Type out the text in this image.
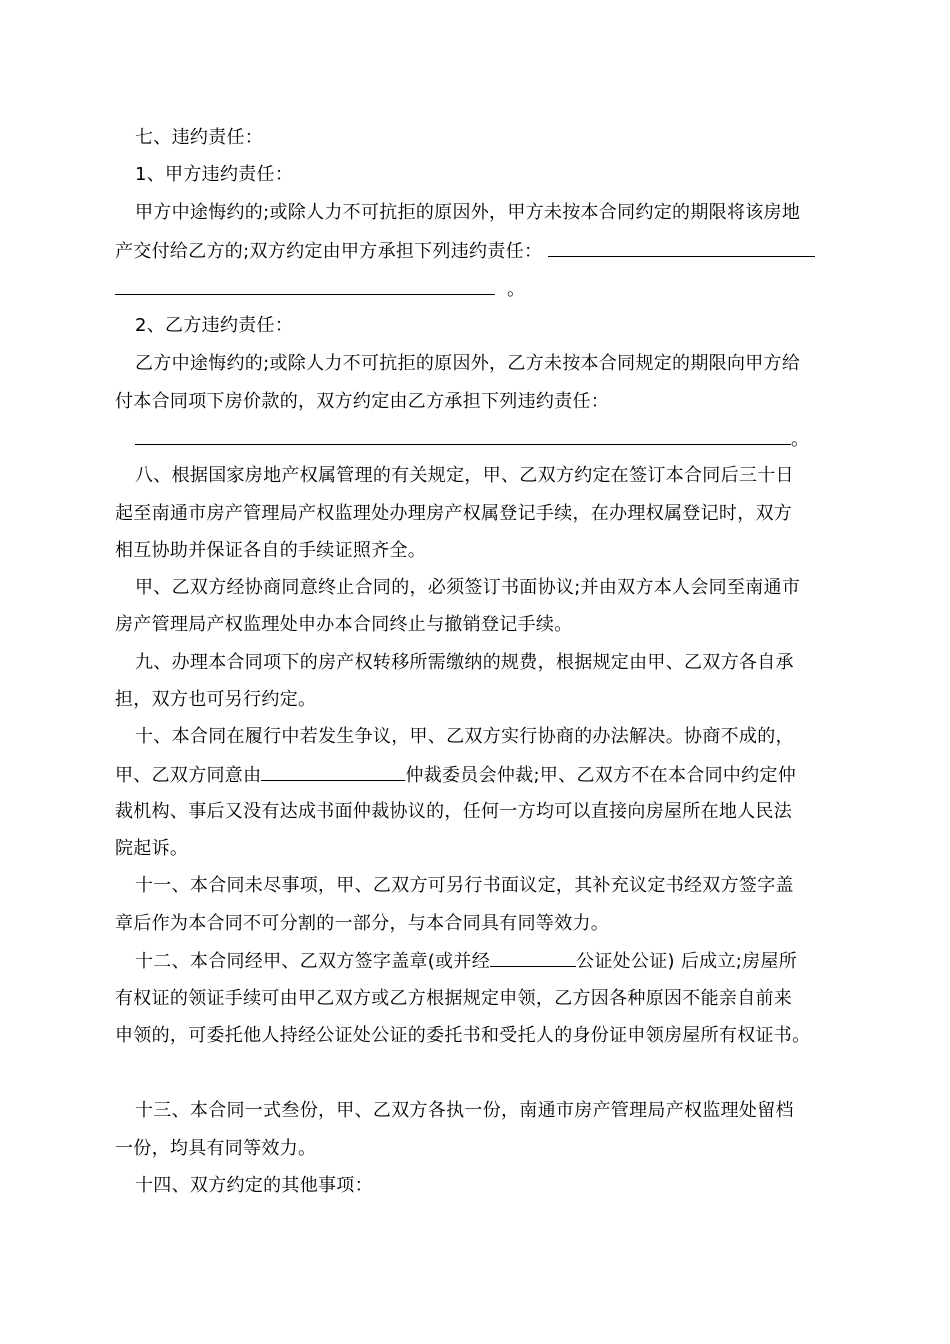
七、违约责任：
1、甲方违约责任：
甲方中途悔约的;或除人力不可抗拒的原因外，甲方未按本合同约定的期限将该房地
产交付给乙方的;双方约定由甲方承担下列违约责任：
。
2、乙方违约责任：
乙方中途悔约的;或除人力不可抗拒的原因外，乙方未按本合同规定的期限向甲方给
付本合同项下房价款的，双方约定由乙方承担下列违约责任：
。
八、根据国家房地产权属管理的有关规定，甲、乙双方约定在签订本合同后三十日
起至南通市房产管理局产权监理处办理房产权属登记手续，在办理权属登记时，双方
相互协助并保证各自的手续证照齐全。
甲、乙双方经协商同意终止合同的，必须签订书面协议;并由双方本人会同至南通市
房产管理局产权监理处申办本合同终止与撤销登记手续。
九、办理本合同项下的房产权转移所需缴纳的规费，根据规定由甲、乙双方各自承
担，双方也可另行约定。
十、本合同在履行中若发生争议，甲、乙双方实行协商的办法解决。协商不成的，
甲、乙双方同意由	仲裁委员会仲裁;甲、乙双方不在本合同中约定仲
裁机构、事后又没有达成书面仲裁协议的，任何一方均可以直接向房屋所在地人民法
院起诉。
十一、本合同未尽事项，甲、乙双方可另行书面议定，其补充议定书经双方签字盖
章后作为本合同不可分割的一部分，与本合同具有同等效力。
十二、本合同经甲、乙双方签字盖章(或并经	公证处公证) 后成立;房屋所
有权证的领证手续可由甲乙双方或乙方根据规定申领，乙方因各种原因不能亲自前来
申领的，可委托他人持经公证处公证的委托书和受托人的身份证申领房屋所有权证书。
十三、本合同一式叁份，甲、乙双方各执一份，南通市房产管理局产权监理处留档
一份，均具有同等效力。
十四、双方约定的其他事项：
